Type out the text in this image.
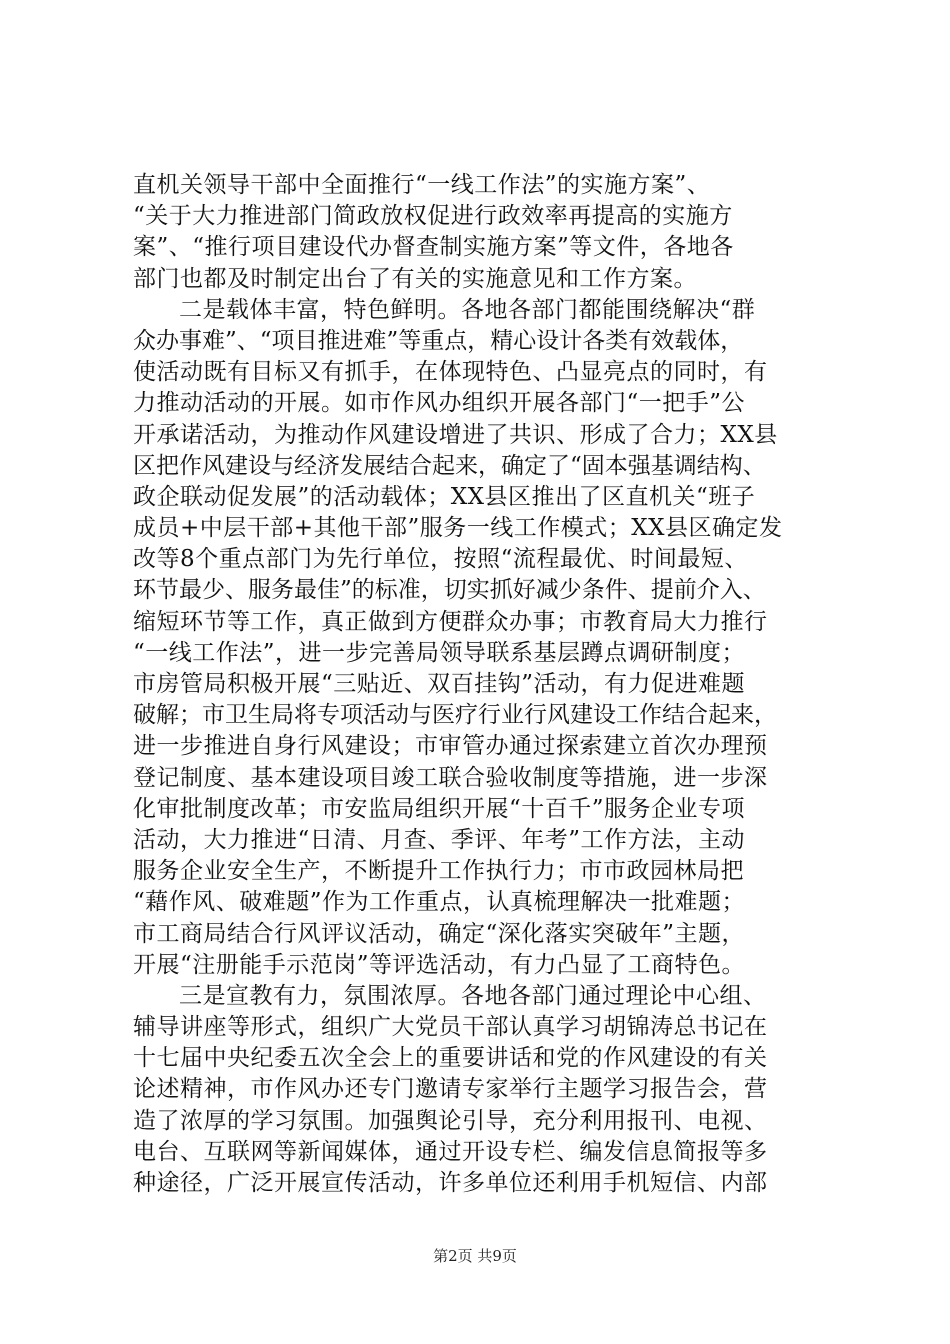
直机关领导干部中全面推行“一线工作法”的实施方案”、
“关于大力推进部门简政放权促进行政效率再提高的实施方
案”、“推行项目建设代办督查制实施方案”等文件，各地各
部门也都及时制定出台了有关的实施意见和工作方案。
二是载体丰富，特色鲜明。各地各部门都能围绕解决“群
众办事难”、“项目推进难”等重点，精心设计各类有效载体，
使活动既有目标又有抓手，在体现特色、凸显亮点的同时，有
力推动活动的开展。如市作风办组织开展各部门“一把手”公
开承诺活动，为推动作风建设增进了共识、形成了合力；XX县
区把作风建设与经济发展结合起来，确定了“固本强基调结构、
政企联动促发展”的活动载体；XX县区推出了区直机关“班子
成员+中层干部+其他干部”服务一线工作模式；XX县区确定发
改等8个重点部门为先行单位，按照“流程最优、时间最短、
环节最少、服务最佳”的标准，切实抓好减少条件、提前介入、
缩短环节等工作，真正做到方便群众办事；市教育局大力推行
“一线工作法”，进一步完善局领导联系基层蹲点调研制度；
市房管局积极开展“三贴近、双百挂钩”活动，有力促进难题
破解；市卫生局将专项活动与医疗行业行风建设工作结合起来，
进一步推进自身行风建设；市审管办通过探索建立首次办理预
登记制度、基本建设项目竣工联合验收制度等措施，进一步深
化审批制度改革；市安监局组织开展“十百千”服务企业专项
活动，大力推进“日清、月查、季评、年考”工作方法，主动
服务企业安全生产，不断提升工作执行力；市市政园林局把
“藉作风、破难题”作为工作重点，认真梳理解决一批难题；
市工商局结合行风评议活动，确定“深化落实突破年”主题，
开展“注册能手示范岗”等评选活动，有力凸显了工商特色。
三是宣教有力，氛围浓厚。各地各部门通过理论中心组、
辅导讲座等形式，组织广大党员干部认真学习胡锦涛总书记在
十七届中央纪委五次全会上的重要讲话和党的作风建设的有关
论述精神，市作风办还专门邀请专家举行主题学习报告会，营
造了浓厚的学习氛围。加强舆论引导，充分利用报刊、电视、
电台、互联网等新闻媒体，通过开设专栏、编发信息简报等多
种途径，广泛开展宣传活动，许多单位还利用手机短信、内部
第2页 共9页
